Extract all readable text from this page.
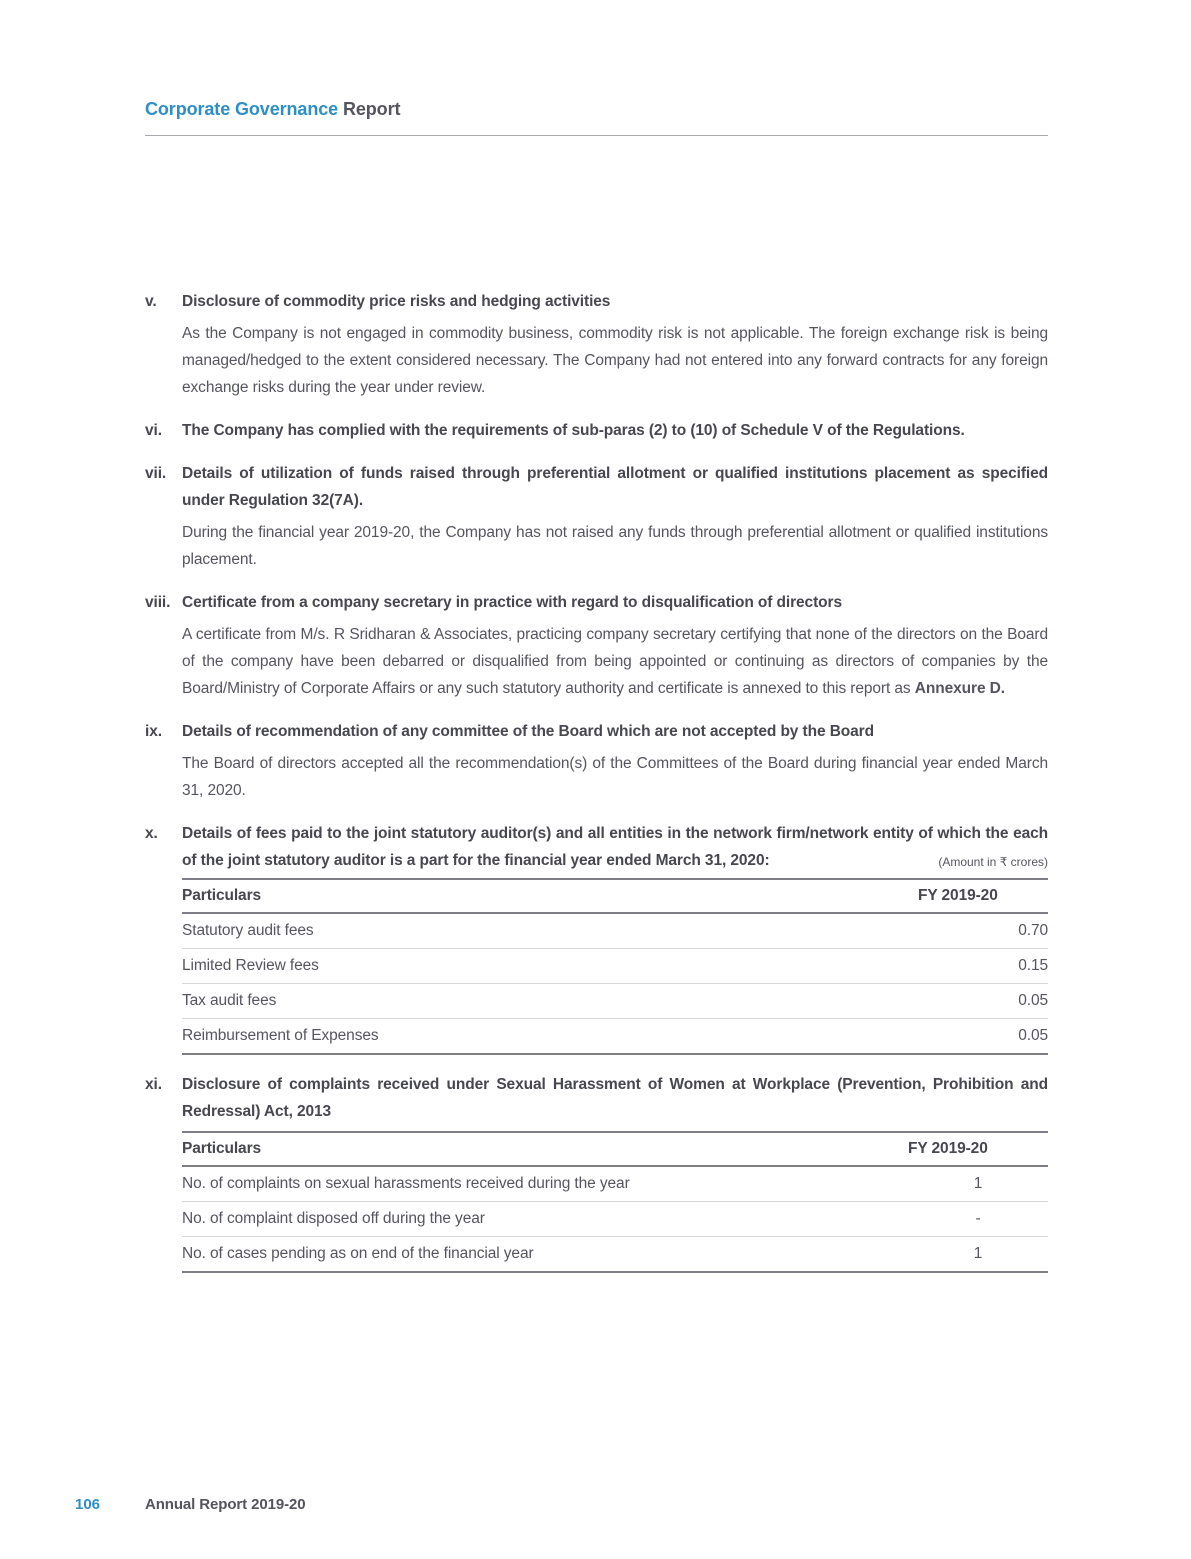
Corporate Governance Report
v.	Disclosure of commodity price risks and hedging activities

As the Company is not engaged in commodity business, commodity risk is not applicable. The foreign exchange risk is being managed/hedged to the extent considered necessary. The Company had not entered into any forward contracts for any foreign exchange risks during the year under review.

vi.	The Company has complied with the requirements of sub-paras (2) to (10) of Schedule V of the Regulations.
vii.	Details of utilization of funds raised through preferential allotment or qualified institutions placement as specified under Regulation 32(7A).

During the financial year 2019-20, the Company has not raised any funds through preferential allotment or qualified institutions placement.

viii. Certificate from a company secretary in practice with regard to disqualification of directors

A certificate from M/s. R Sridharan & Associates, practicing company secretary certifying that none of the directors on the Board of the company have been debarred or disqualified from being appointed or continuing as directors of companies by the Board/Ministry of Corporate Affairs or any such statutory authority and certificate is annexed to this report as Annexure D.

ix.	Details of recommendation of any committee of the Board which are not accepted by the Board

The Board of directors accepted all the recommendation(s) of the Committees of the Board during financial year ended March 31, 2020.

x.	Details of fees paid to the joint statutory auditor(s) and all entities in the network firm/network entity of which the each of the joint statutory auditor is a part for the financial year ended March 31, 2020:	(Amount in ₹ crores)
Particulars	FY 2019-20
Statutory audit fees	0.70
Limited Review fees	0.15
Tax audit fees	0.05
Reimbursement of Expenses	0.05
xi.	Disclosure of complaints received under Sexual Harassment of Women at Workplace (Prevention, Prohibition and Redressal) Act, 2013
Particulars	FY 2019-20
No. of complaints on sexual harassments received during the year	1
No. of complaint disposed off during the year	-
No. of cases pending as on end of the financial year	1
106	Annual Report 2019-20
